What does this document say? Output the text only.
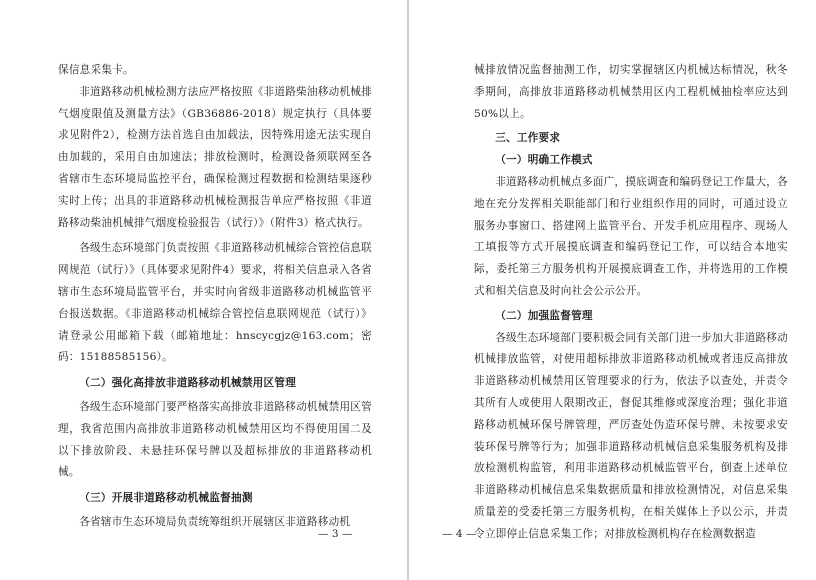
保信息采集卡。

非道路移动机械检测方法应严格按照《非道路柴油移动机械排气烟度限值及测量方法》（GB36886-2018）规定执行（具体要求见附件2），检测方法首选自由加载法，因特殊用途无法实现自由加载的，采用自由加速法；排放检测时，检测设备须联网至各省辖市生态环境局监控平台，确保检测过程数据和检测结果逐秒实时上传；出具的非道路移动机械检测报告单应严格按照《非道路移动柴油机械排气烟度检验报告（试行）》（附件3）格式执行。

各级生态环境部门负责按照《非道路移动机械综合管控信息联网规范（试行）》（具体要求见附件4）要求，将相关信息录入各省辖市生态环境局监管平台，并实时向省级非道路移动机械监管平台报送数据。《非道路移动机械综合管控信息联网规范（试行）》请登录公用邮箱下载（邮箱地址：hnscycgjz@163.com；密码：15188585156）。

（二）强化高排放非道路移动机械禁用区管理

各级生态环境部门要严格落实高排放非道路移动机械禁用区管理，我省范围内高排放非道路移动机械禁用区均不得使用国二及以下排放阶段、未悬挂环保号牌以及超标排放的非道路移动机械。

（三）开展非道路移动机械监督抽测

各省辖市生态环境局负责统筹组织开展辖区非道路移动机

— 3 —

械排放情况监督抽测工作，切实掌握辖区内机械达标情况，秋冬季期间，高排放非道路移动机械禁用区内工程机械抽检率应达到50%以上。

三、工作要求

（一）明确工作模式

非道路移动机械点多面广，摸底调查和编码登记工作量大，各地在充分发挥相关职能部门和行业组织作用的同时，可通过设立服务办事窗口、搭建网上监管平台、开发手机应用程序、现场人工填报等方式开展摸底调查和编码登记工作，可以结合本地实际，委托第三方服务机构开展摸底调查工作，并将选用的工作模式和相关信息及时向社会公示公开。

（二）加强监督管理

各级生态环境部门要积极会同有关部门进一步加大非道路移动机械排放监管，对使用超标排放非道路移动机械或者违反高排放非道路移动机械禁用区管理要求的行为，依法予以查处，并责令其所有人或使用人限期改正，督促其维修或深度治理；强化非道路移动机械环保号牌管理，严厉查处伪造环保号牌、未按要求安装环保号牌等行为；加强非道路移动机械信息采集服务机构及排放检测机构监管，利用非道路移动机械监管平台，倒查上述单位非道路移动机械信息采集数据质量和排放检测情况，对信息采集质量差的受委托第三方服务机构，在相关媒体上予以公示，并责令立即停止信息采集工作；对排放检测机构存在检测数据造

— 4 —
